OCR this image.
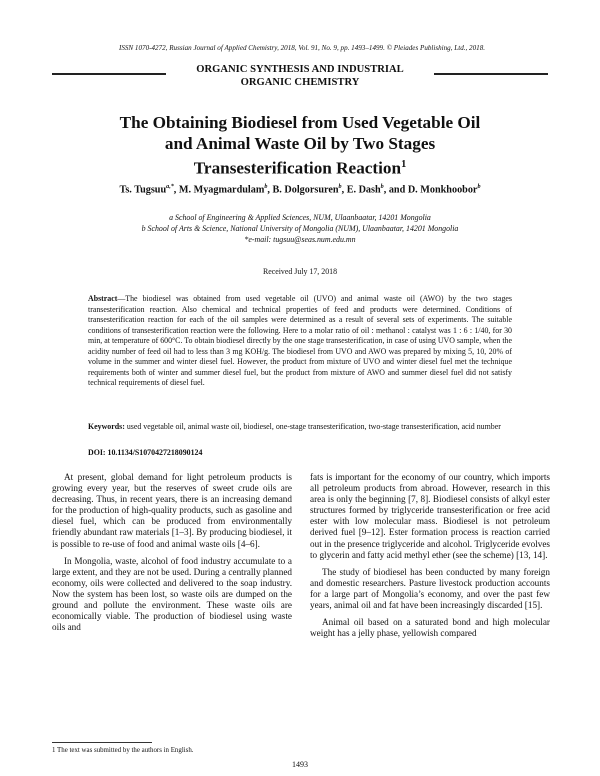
ISSN 1070-4272, Russian Journal of Applied Chemistry, 2018, Vol. 91, No. 9, pp. 1493–1499. © Pleiades Publishing, Ltd., 2018.
ORGANIC SYNTHESIS AND INDUSTRIAL
ORGANIC CHEMISTRY
The Obtaining Biodiesel from Used Vegetable Oil
and Animal Waste Oil by Two Stages
Transesterification Reaction$^1$
Ts. Tugsuu$^{a,*}$, M. Myagmardulam$^b$, B. Dolgorsuren$^b$, E. Dash$^b$, and D. Monkhoobor$^b$
a School of Engineering & Applied Sciences, NUM, Ulaanbaatar, 14201 Mongolia
b School of Arts & Science, National University of Mongolia (NUM), Ulaanbaatar, 14201 Mongolia
*e-mail: tugsuu@seas.num.edu.mn
Received July 17, 2018
Abstract—The biodiesel was obtained from used vegetable oil (UVO) and animal waste oil (AWO) by the two stages transesterification reaction. Also chemical and technical properties of feed and products were determined. Conditions of transesterification reaction for each of the oil samples were determined as a result of several sets of experiments. The suitable conditions of transesterification reaction were the following. Here to a molar ratio of oil : methanol : catalyst was 1 : 6 : 1/40, for 30 min, at temperature of 600°C. To obtain biodiesel directly by the one stage transesterification, in case of using UVO sample, when the acidity number of feed oil had to less than 3 mg KOH/g. The biodiesel from UVO and AWO was prepared by mixing 5, 10, 20% of volume in the summer and winter diesel fuel. However, the product from mixture of UVO and winter diesel fuel met the technique requirements both of winter and summer diesel fuel, but the product from mixture of AWO and summer diesel fuel did not satisfy technical requirements of diesel fuel.
Keywords: used vegetable oil, animal waste oil, biodiesel, one-stage transesterification, two-stage transesterification, acid number
DOI: 10.1134/S1070427218090124

At present, global demand for light petroleum products is growing every year, but the reserves of sweet crude oils are decreasing. Thus, in recent years, there is an increasing demand for the production of high-quality products, such as gasoline and diesel fuel, which can be produced from environmentally friendly abundant raw materials [1–3]. By producing biodiesel, it is possible to re-use of food and animal waste oils [4–6].

In Mongolia, waste, alcohol of food industry accumulate to a large extent, and they are not be used. During a centrally planned economy, oils were collected and delivered to the soap industry. Now the system has been lost, so waste oils are dumped on the ground and pollute the environment. These waste oils are economically viable. The production of biodiesel using waste oils and

fats is important for the economy of our country, which imports all petroleum products from abroad. However, research in this area is only the beginning [7, 8]. Biodiesel consists of alkyl ester structures formed by triglyceride transesterification or free acid ester with low molecular mass. Biodiesel is not petroleum derived fuel [9–12]. Ester formation process is reaction carried out in the presence triglyceride and alcohol. Triglyceride evolves to glycerin and fatty acid methyl ether (see the scheme) [13, 14].

The study of biodiesel has been conducted by many foreign and domestic researchers. Pasture livestock production accounts for a large part of Mongolia’s economy, and over the past few years, animal oil and fat have been increasingly discarded [15].

Animal oil based on a saturated bond and high molecular weight has a jelly phase, yellowish compared

1 The text was submitted by the authors in English.
1493
